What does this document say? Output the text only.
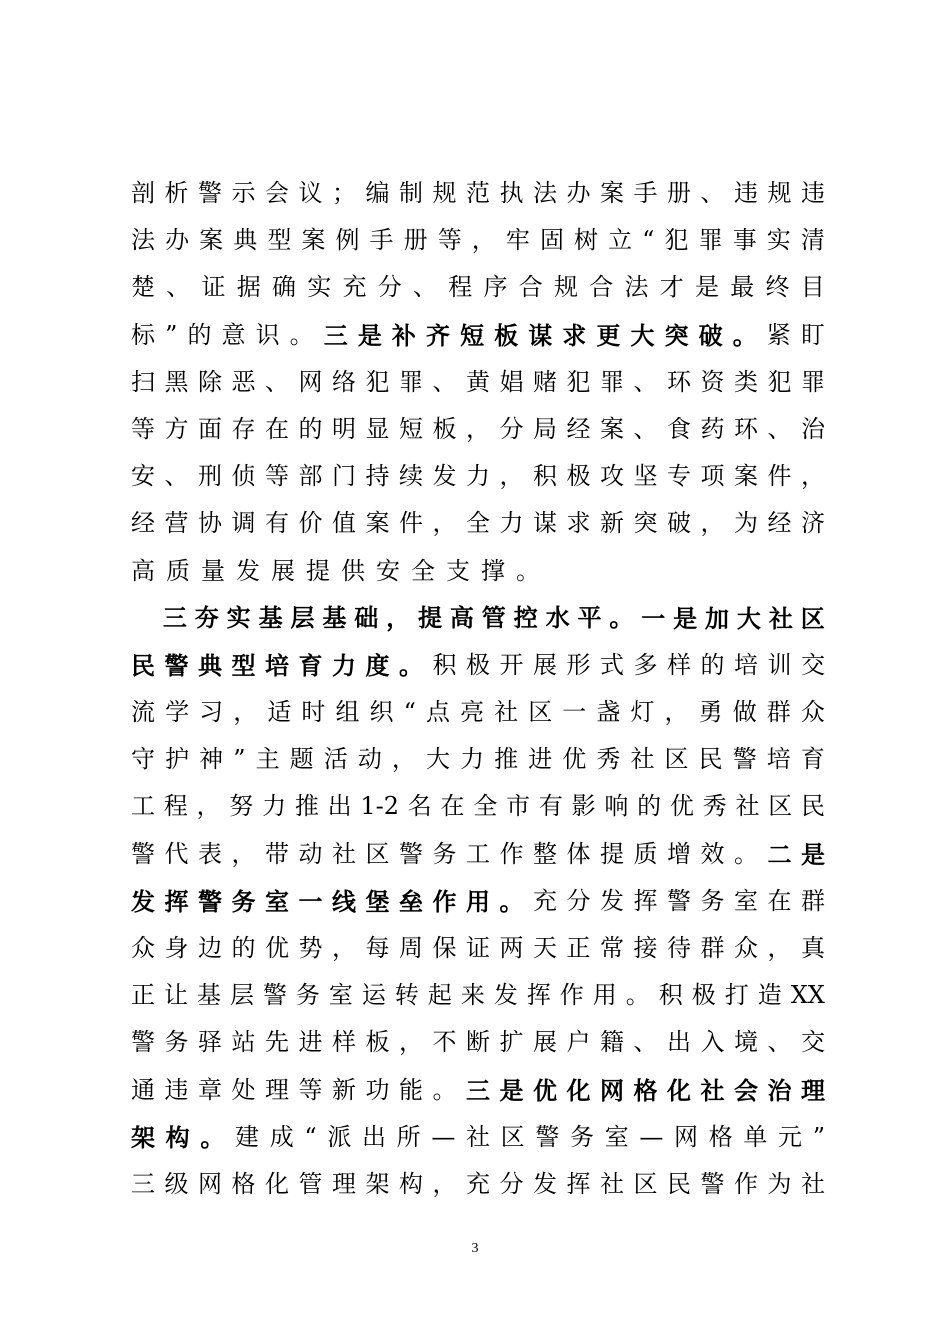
剖 析 警 示 会 议 ； 编 制 规 范 执 法 办 案 手 册 、 违 规 违
法 办 案 典 型 案 例 手 册 等 ， 牢 固 树 立 “ 犯 罪 事 实 清
楚 、 证 据 确 实 充 分 、 程 序 合 规 合 法 才 是 最 终 目
标 ” 的 意 识 。 三 是 补 齐 短 板 谋 求 更 大 突 破 。 紧 盯
扫 黑 除 恶 、 网 络 犯 罪 、 黄 娼 赌 犯 罪 、 环 资 类 犯 罪
等 方 面 存 在 的 明 显 短 板 ， 分 局 经 案 、 食 药 环 、 治
安 、 刑 侦 等 部 门 持 续 发 力 ， 积 极 攻 坚 专 项 案 件 ，
经 营 协 调 有 价 值 案 件 ， 全 力 谋 求 新 突 破 ， 为 经 济
高 质 量 发 展 提 供 安 全 支 撑 。

三 夯 实 基 层 基 础 ， 提 高 管 控 水 平 。 一 是 加 大 社 区
民 警 典 型 培 育 力 度 。 积 极 开 展 形 式 多 样 的 培 训 交
流 学 习 ， 适 时 组 织 “ 点 亮 社 区 一 盏 灯 ， 勇 做 群 众
守 护 神 ” 主 题 活 动 ， 大 力 推 进 优 秀 社 区 民 警 培 育
工 程 ， 努 力 推 出 1-2 名 在 全 市 有 影 响 的 优 秀 社 区 民
警 代 表 ， 带 动 社 区 警 务 工 作 整 体 提 质 增 效 。 二 是
发 挥 警 务 室 一 线 堡 垒 作 用 。 充 分 发 挥 警 务 室 在 群
众 身 边 的 优 势 ， 每 周 保 证 两 天 正 常 接 待 群 众 ， 真
正 让 基 层 警 务 室 运 转 起 来 发 挥 作 用 。 积 极 打 造 XX
警 务 驿 站 先 进 样 板 ， 不 断 扩 展 户 籍 、 出 入 境 、 交
通 违 章 处 理 等 新 功 能 。 三 是 优 化 网 格 化 社 会 治 理
架 构 。 建 成 “ 派 出 所 — 社 区 警 务 室 — 网 格 单 元 ”
三 级 网 格 化 管 理 架 构 ， 充 分 发 挥 社 区 民 警 作 为 社
3
